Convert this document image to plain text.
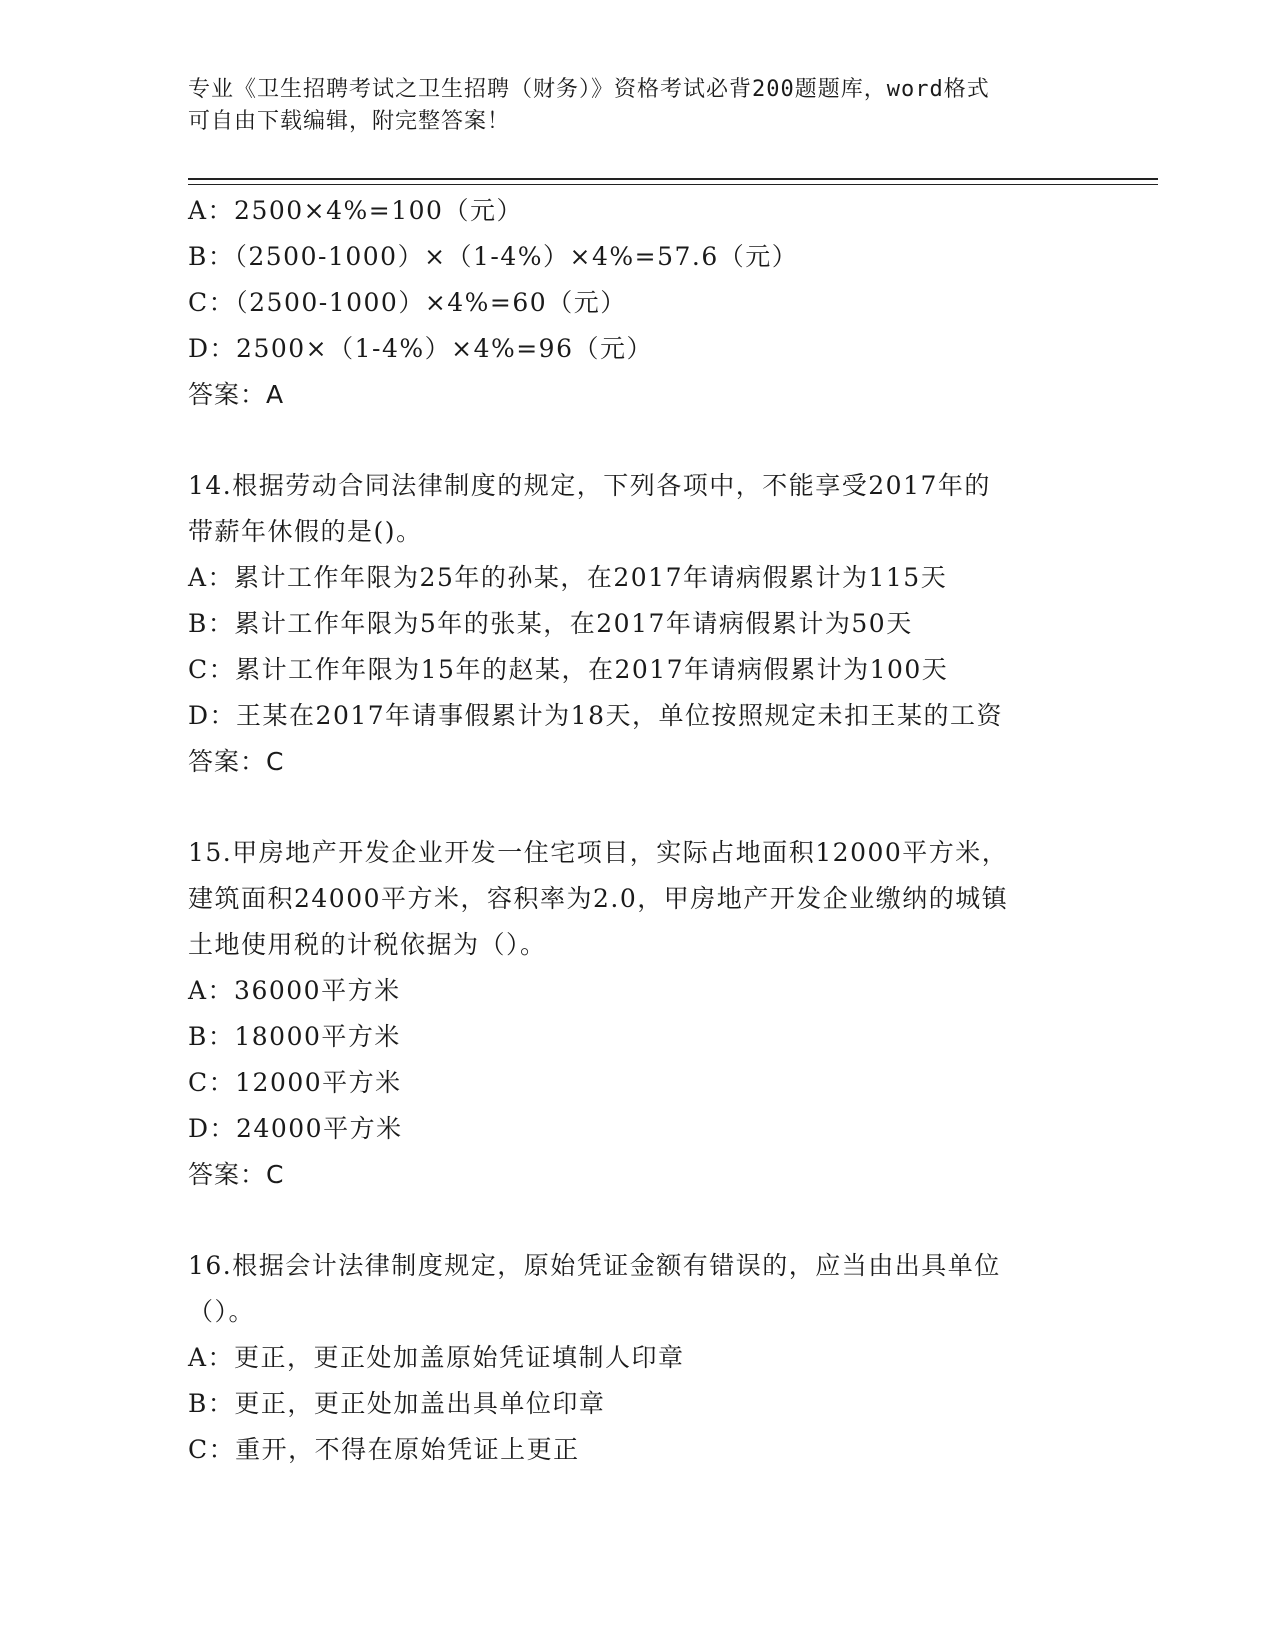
专业《卫生招聘考试之卫生招聘（财务）》资格考试必背200题题库，word格式
可自由下载编辑，附完整答案！
A：2500×4%=100（元）
B：（2500-1000）×（1-4%）×4%=57.6（元）
C：（2500-1000）×4%=60（元）
D：2500×（1-4%）×4%=96（元）
答案：A
14.根据劳动合同法律制度的规定，下列各项中，不能享受2017年的
带薪年休假的是()。
A：累计工作年限为25年的孙某，在2017年请病假累计为115天
B：累计工作年限为5年的张某，在2017年请病假累计为50天
C：累计工作年限为15年的赵某，在2017年请病假累计为100天
D：王某在2017年请事假累计为18天，单位按照规定未扣王某的工资
答案：C
15.甲房地产开发企业开发一住宅项目，实际占地面积12000平方米，
建筑面积24000平方米，容积率为2.0，甲房地产开发企业缴纳的城镇
土地使用税的计税依据为（）。
A：36000平方米
B：18000平方米
C：12000平方米
D：24000平方米
答案：C
16.根据会计法律制度规定，原始凭证金额有错误的，应当由出具单位
（）。
A：更正，更正处加盖原始凭证填制人印章
B：更正，更正处加盖出具单位印章
C：重开，不得在原始凭证上更正
